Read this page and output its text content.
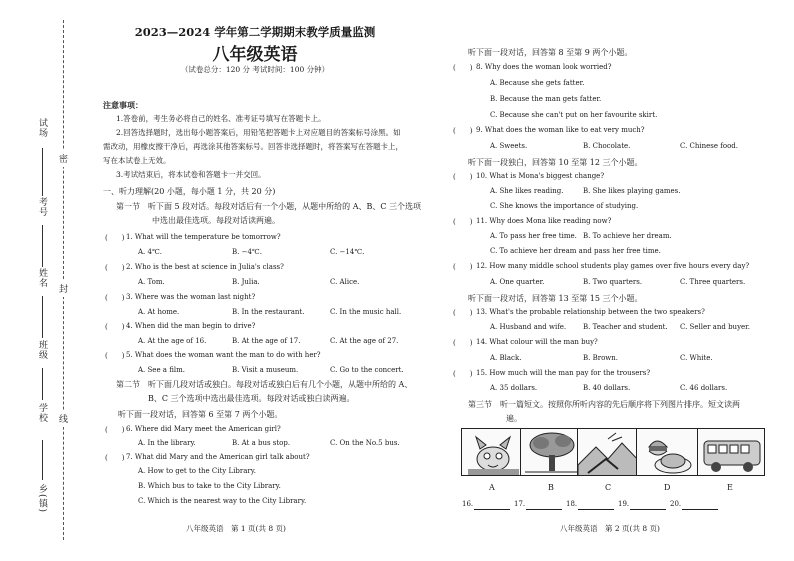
密
封
线
试场
考号
姓名
班级
学校
乡(镇)
2023—2024 学年第二学期期末教学质量监测
八年级英语
（试卷总分：120 分 考试时间：100 分钟）
注意事项：
1.答卷前，考生务必将自己的姓名、准考证号填写在答题卡上。
2.回答选择题时，选出每小题答案后，用铅笔把答题卡上对应题目的答案标号涂黑。如
需改动，用橡皮擦干净后，再选涂其他答案标号。回答非选择题时，将答案写在答题卡上，
写在本试卷上无效。
3.考试结束后，将本试卷和答题卡一并交回。
一、听力理解(20 小题，每小题 1 分，共 20 分)
第一节　听下面 5 段对话。每段对话后有一个小题，从题中所给的 A、B、C 三个选项
中选出最佳选项。每段对话读两遍。
(　　) 1. What will the temperature be tomorrow?
A. 4℃.	B. −4℃.	C. −14℃.
(　　) 2. Who is the best at science in Julia's class?
A. Tom.	B. Julia.	C. Alice.
(　　) 3. Where was the woman last night?
A. At home.	B. In the restaurant.	C. In the music hall.
(　　) 4. When did the man begin to drive?
A. At the age of 16.	B. At the age of 17.	C. At the age of 27.
(　　) 5. What does the woman want the man to do with her?
A. See a film.	B. Visit a museum.	C. Go to the concert.
第二节　听下面几段对话或独白。每段对话或独白后有几个小题，从题中所给的 A、
B、C 三个选项中选出最佳选项。每段对话或独白读两遍。
听下面一段对话，回答第 6 至第 7 两个小题。
(　　) 6. Where did Mary meet the American girl?
A. In the library.	B. At a bus stop.	C. On the No.5 bus.
(　　) 7. What did Mary and the American girl talk about?
A. How to get to the City Library.
B. Which bus to take to the City Library.
C. Which is the nearest way to the City Library.
八年级英语　第 1 页(共 8 页)
听下面一段对话，回答第 8 至第 9 两个小题。
(　　) 8. Why does the woman look worried?
A. Because she gets fatter.
B. Because the man gets fatter.
C. Because she can't put on her favourite skirt.
(　　) 9. What does the woman like to eat very much?
A. Sweets.	B. Chocolate.	C. Chinese food.
听下面一段独白，回答第 10 至第 12 三个小题。
(　　) 10. What is Mona's biggest change?
A. She likes reading.	B. She likes playing games.
C. She knows the importance of studying.
(　　) 11. Why does Mona like reading now?
A. To pass her free time. B. To achieve her dream.
C. To achieve her dream and pass her free time.
(　　) 12. How many middle school students play games over five hours every day?
A. One quarter.	B. Two quarters.	C. Three quarters.
听下面一段对话，回答第 13 至第 15 三个小题。
(　　) 13. What's the probable relationship between the two speakers?
A. Husband and wife. B. Teacher and student. C. Seller and buyer.
(　　) 14. What colour will the man buy?
A. Black.	B. Brown.	C. White.
(　　) 15. How much will the man pay for the trousers?
A. 35 dollars.	B. 40 dollars.	C. 46 dollars.
第三节　听一篇短文。按照你所听内容的先后顺序将下列图片排序。短文读两
遍。
A	B	C	D	E
16.	17.	18.	19.	20.
八年级英语　第 2 页(共 8 页)
